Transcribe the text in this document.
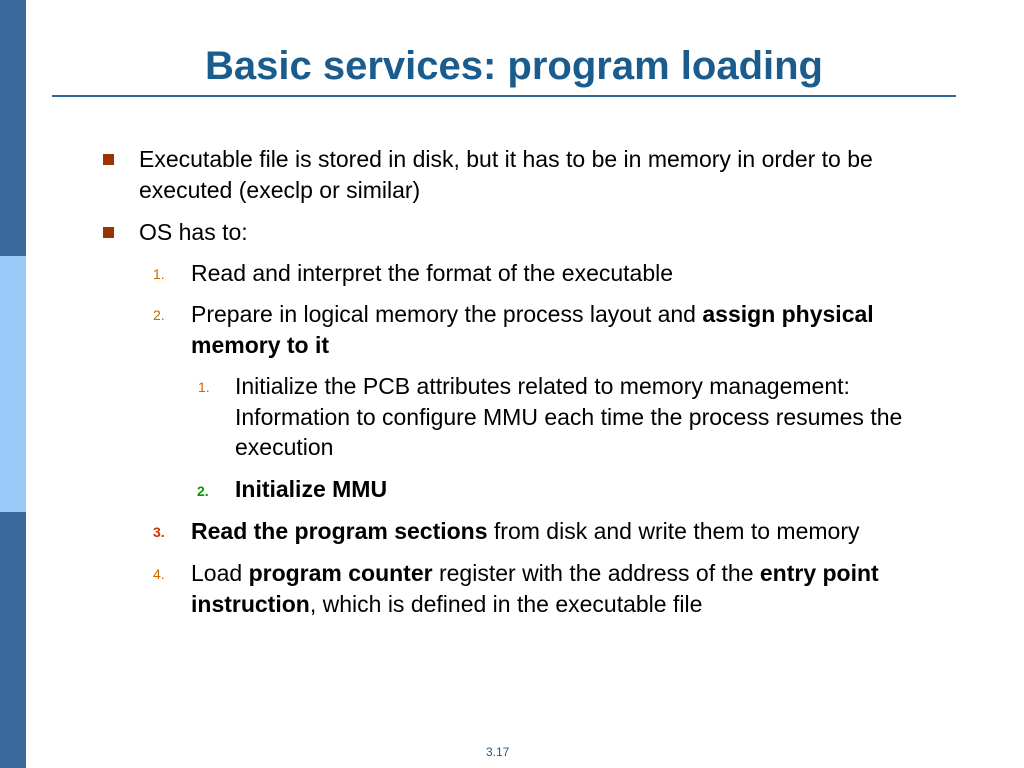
Basic services: program loading
Executable file is stored in disk, but it has to be in memory in order to be
executed (execlp or similar)
OS has to:
1. Read and interpret the format of the executable
2. Prepare in logical memory the process layout and assign physical
memory to it
1. Initialize the PCB attributes related to memory management:
Information to configure MMU each time the process resumes the
execution
2. Initialize MMU
3. Read the program sections from disk and write them to memory
4. Load program counter register with the address of the entry point
instruction, which is defined in the executable file
3.17
